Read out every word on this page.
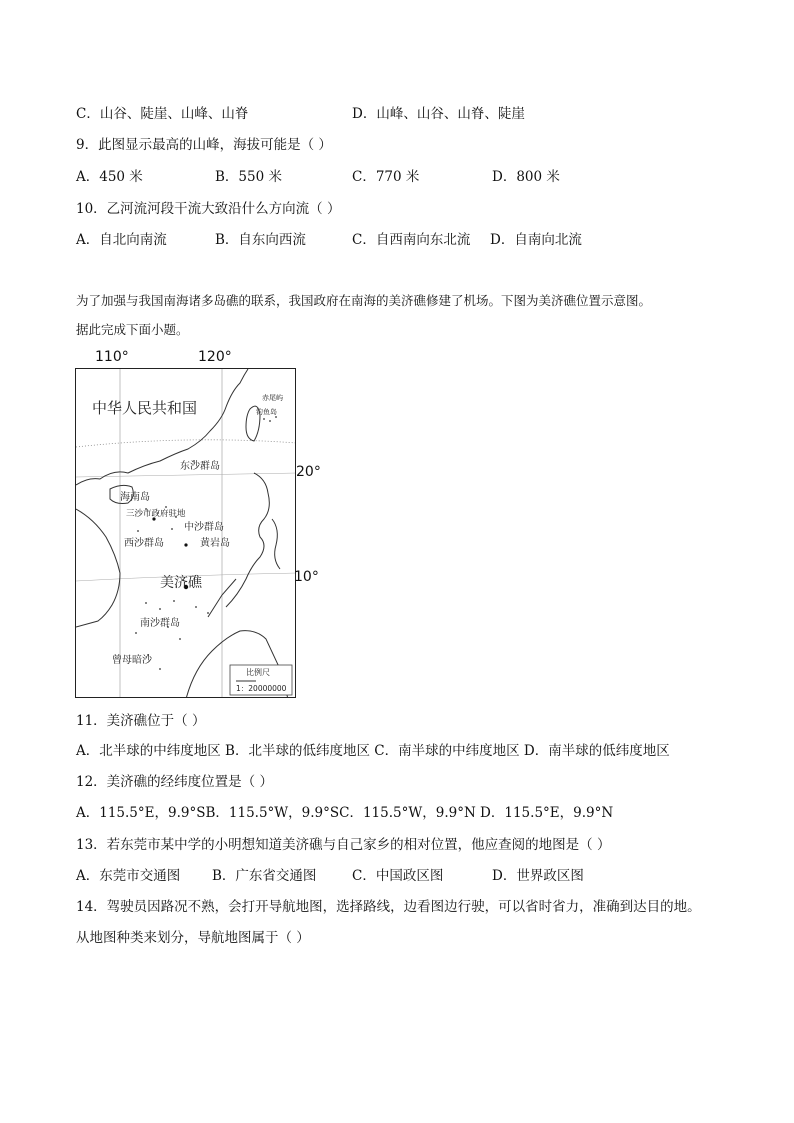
C．山谷、陡崖、山峰、山脊	D．山峰、山谷、山脊、陡崖
9．此图显示最高的山峰，海拔可能是（ ）
A．450 米	B．550 米	C．770 米	D．800 米
10．乙河流河段干流大致沿什么方向流（ ）
A．自北向南流	B．自东向西流	C．自西南向东北流 D．自南向北流
为了加强与我国南海诸多岛礁的联系，我国政府在南海的美济礁修建了机场。下图为美济礁位置示意图。
据此完成下面小题。
110°	120°
中华人民共和国
赤尾屿
钓鱼岛
东沙群岛
海南岛
三沙市政府驻地
中沙群岛
西沙群岛	黄岩岛
美济礁
南沙群岛
曾母暗沙
比例尺
1：20000000
20°
10°
11．美济礁位于（ ）
A．北半球的中纬度地区 B．北半球的低纬度地区 C．南半球的中纬度地区 D．南半球的低纬度地区
12．美济礁的经纬度位置是（ ）
A．115.5°E，9.9°SB．115.5°W，9.9°SC．115.5°W，9.9°N D．115.5°E，9.9°N
13．若东莞市某中学的小明想知道美济礁与自己家乡的相对位置，他应查阅的地图是（ ）
A．东莞市交通图 B．广东省交通图	C．中国政区图	D．世界政区图
14．驾驶员因路况不熟，会打开导航地图，选择路线，边看图边行驶，可以省时省力，准确到达目的地。
从地图种类来划分，导航地图属于（ ）
